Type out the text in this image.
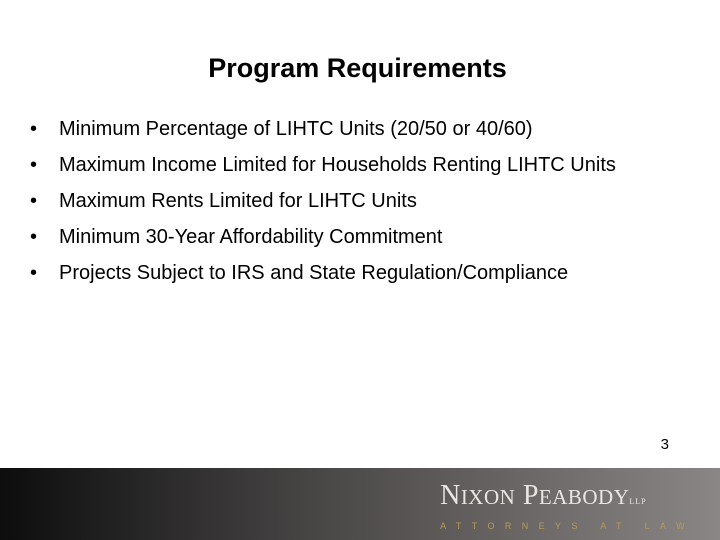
Program Requirements
• Minimum Percentage of LIHTC Units (20/50 or 40/60)
• Maximum Income Limited for Households Renting LIHTC Units
• Maximum Rents Limited for LIHTC Units
• Minimum 30-Year Affordability Commitment
• Projects Subject to IRS and State Regulation/Compliance
3
NIXON PEABODYLLP
ATTORNEYS AT LAW
